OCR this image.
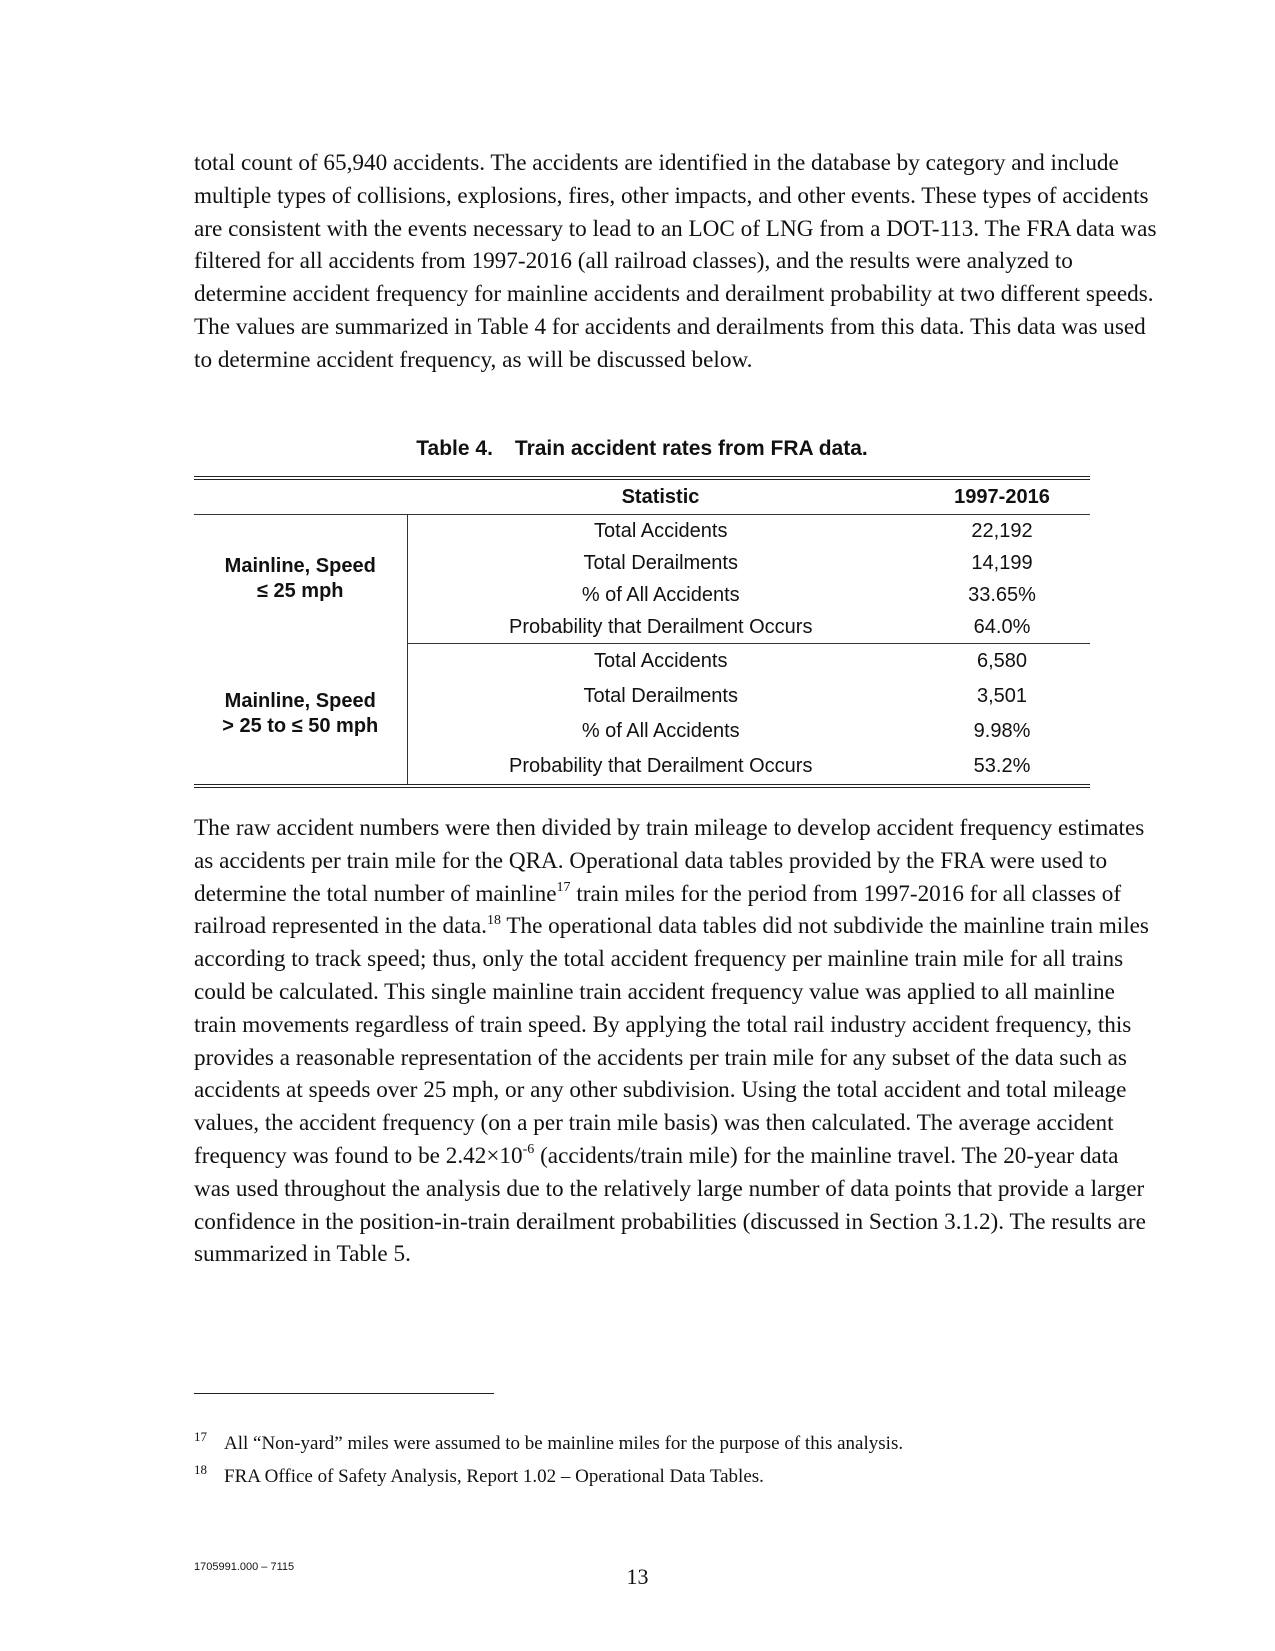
total count of 65,940 accidents. The accidents are identified in the database by category and include multiple types of collisions, explosions, fires, other impacts, and other events. These types of accidents are consistent with the events necessary to lead to an LOC of LNG from a DOT-113. The FRA data was filtered for all accidents from 1997-2016 (all railroad classes), and the results were analyzed to determine accident frequency for mainline accidents and derailment probability at two different speeds. The values are summarized in Table 4 for accidents and derailments from this data. This data was used to determine accident frequency, as will be discussed below.

Table 4. Train accident rates from FRA data.
	Statistic	1997-2016
Mainline, Speed
≤ 25 mph	Total Accidents	22,192
	Total Derailments	14,199
	% of All Accidents	33.65%
	Probability that Derailment Occurs	64.0%
Mainline, Speed
> 25 to ≤ 50 mph	Total Accidents	6,580
	Total Derailments	3,501
	% of All Accidents	9.98%
	Probability that Derailment Occurs	53.2%

The raw accident numbers were then divided by train mileage to develop accident frequency estimates as accidents per train mile for the QRA. Operational data tables provided by the FRA were used to determine the total number of mainline$^{17}$ train miles for the period from 1997-2016 for all classes of railroad represented in the data.$^{18}$ The operational data tables did not subdivide the mainline train miles according to track speed; thus, only the total accident frequency per mainline train mile for all trains could be calculated. This single mainline train accident frequency value was applied to all mainline train movements regardless of train speed. By applying the total rail industry accident frequency, this provides a reasonable representation of the accidents per train mile for any subset of the data such as accidents at speeds over 25 mph, or any other subdivision. Using the total accident and total mileage values, the accident frequency (on a per train mile basis) was then calculated. The average accident frequency was found to be $2.42\times 10^{-6}$ (accidents/train mile) for the mainline travel. The 20-year data was used throughout the analysis due to the relatively large number of data points that provide a larger confidence in the position-in-train derailment probabilities (discussed in Section 3.1.2). The results are summarized in Table 5.

$^{17}$ All “Non-yard” miles were assumed to be mainline miles for the purpose of this analysis.
$^{18}$ FRA Office of Safety Analysis, Report 1.02 – Operational Data Tables.
1705991.000 – 7115	13
